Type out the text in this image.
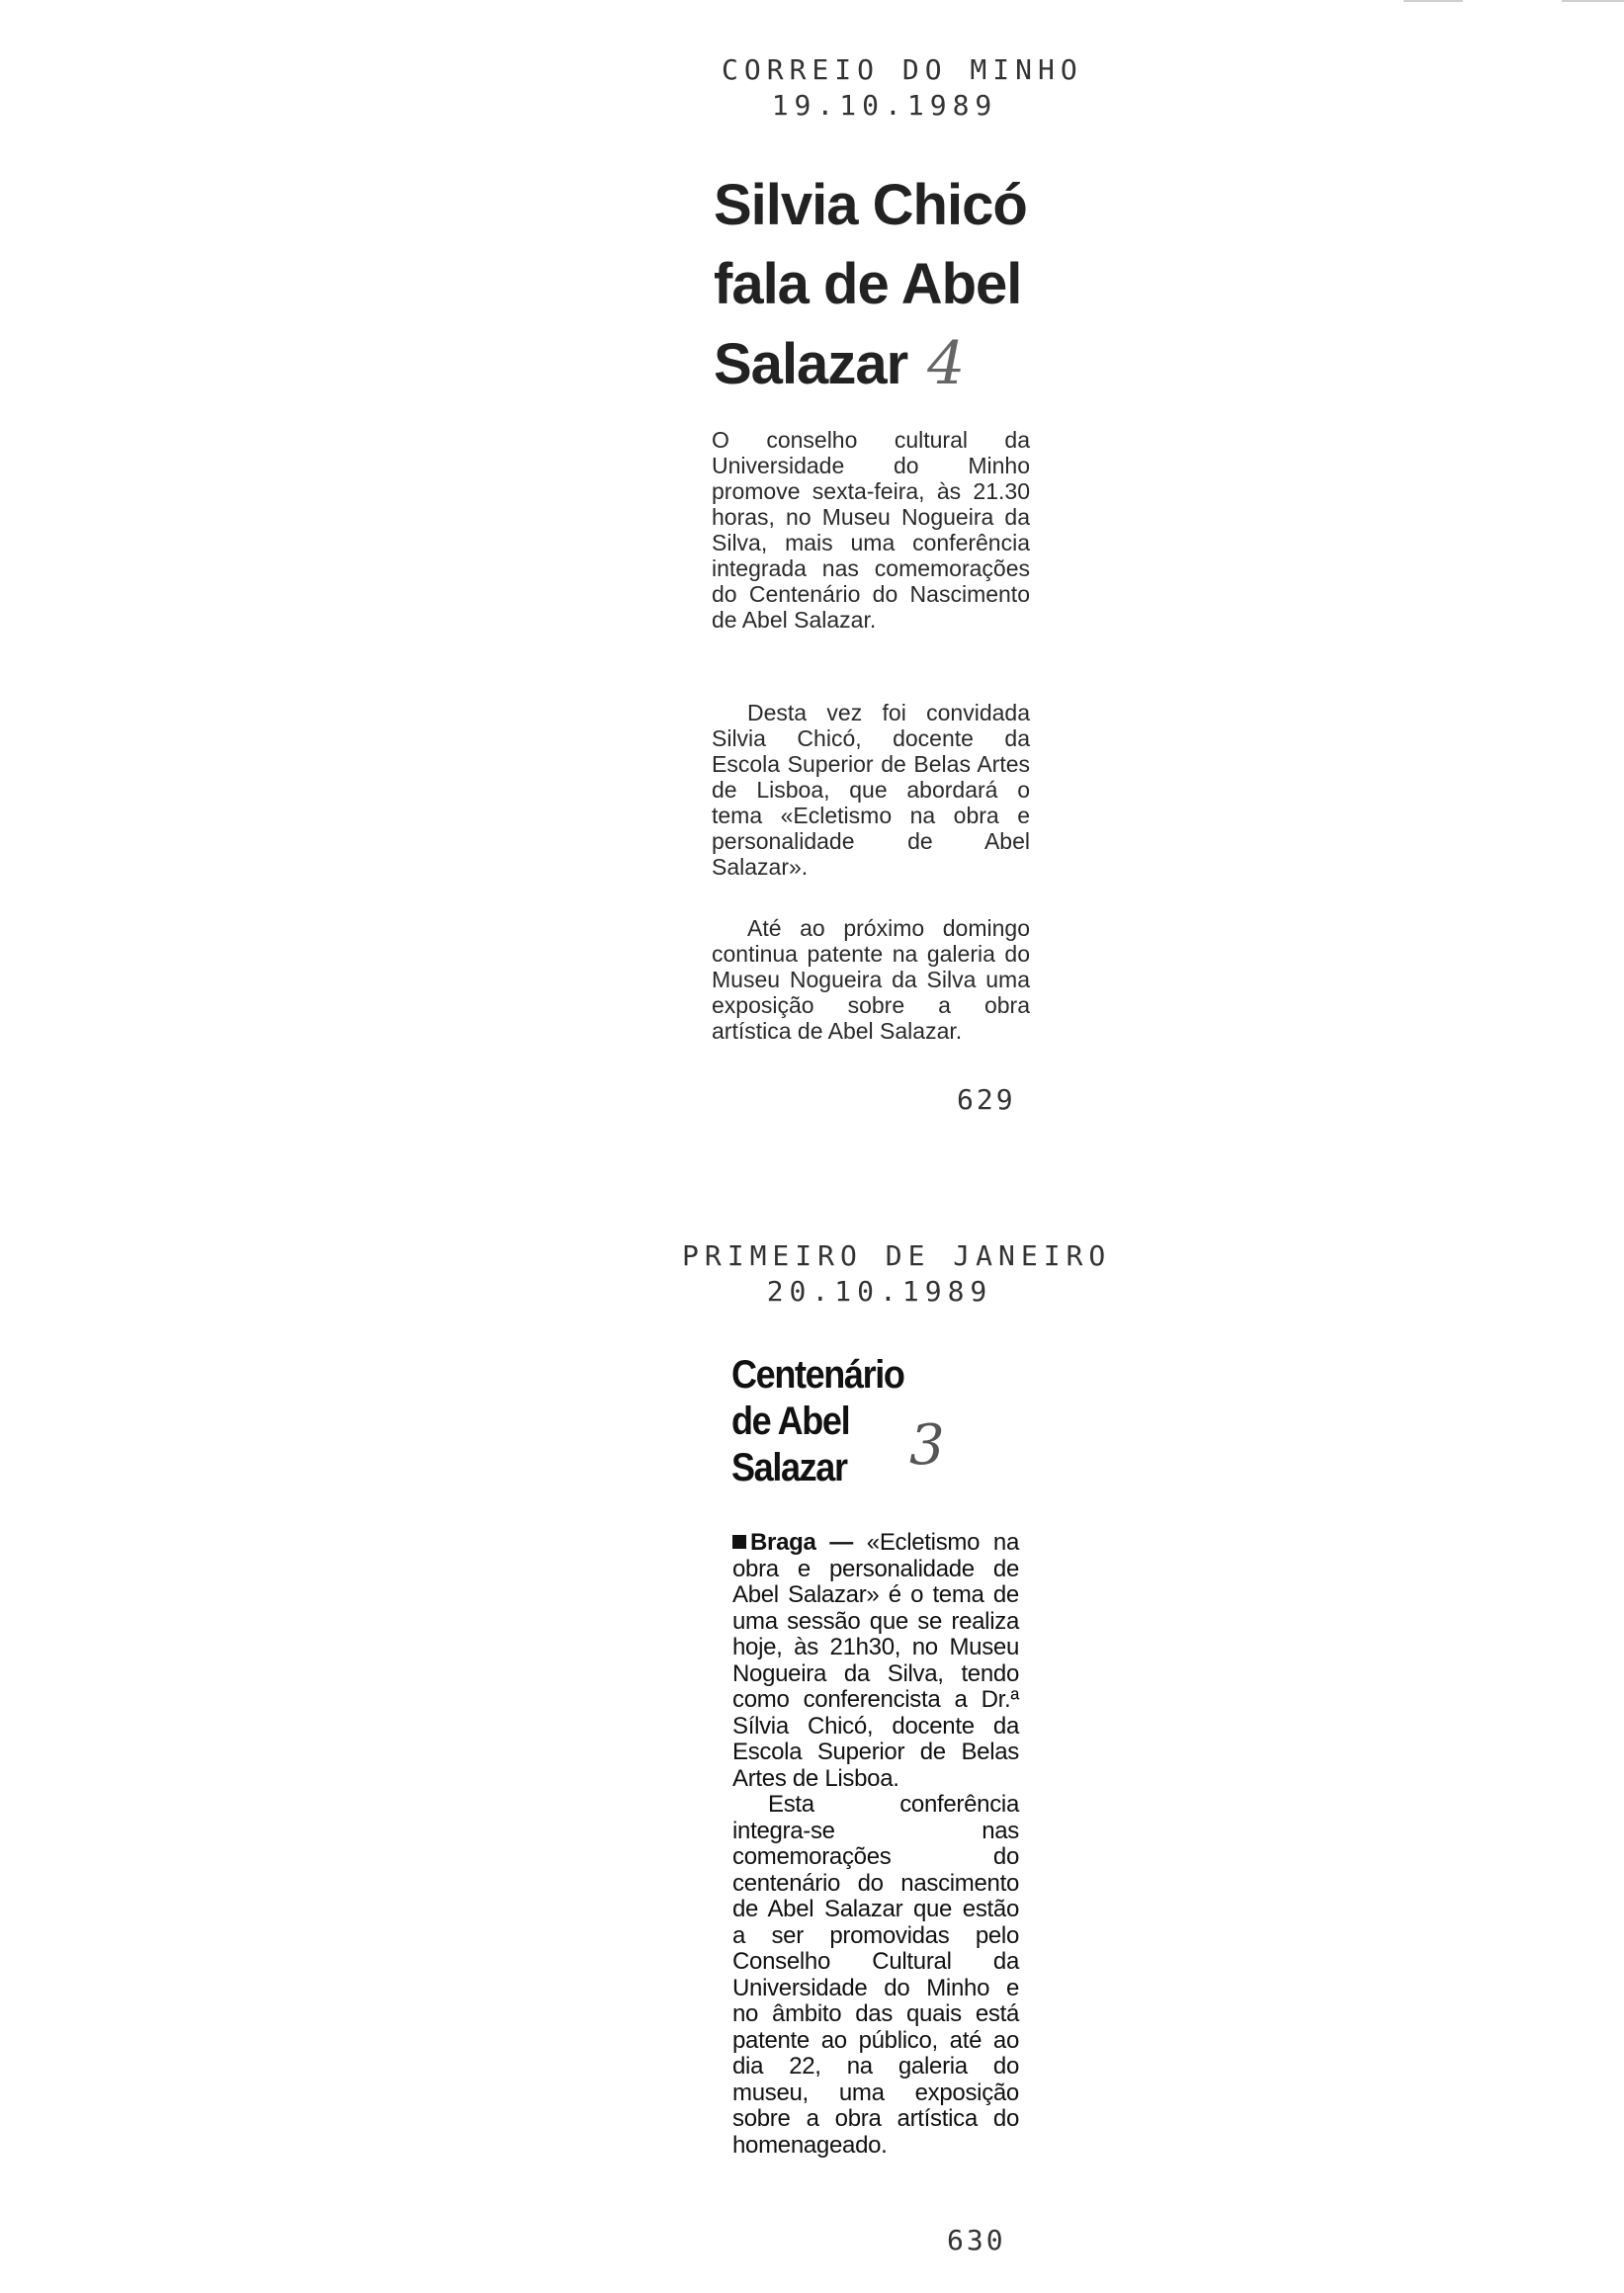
CORREIO DO MINHO
19.10.1989
Silvia Chicó
fala de Abel
Salazar 4

O conselho cultural da Universidade do Minho promove sexta-feira, às 21.30 horas, no Museu Nogueira da Silva, mais uma conferência integrada nas comemorações do Centenário do Nascimento de Abel Salazar.

Desta vez foi convidada Silvia Chicó, docente da Escola Superior de Belas Artes de Lisboa, que abordará o tema «Ecletismo na obra e personalidade de Abel Salazar».

Até ao próximo domingo continua patente na galeria do Museu Nogueira da Silva uma exposição sobre a obra artística de Abel Salazar.

629
PRIMEIRO DE JANEIRO
20.10.1989
Centenário
de Abel
Salazar	3

Braga — «Ecletismo na obra e personalidade de Abel Salazar» é o tema de uma sessão que se realiza hoje, às 21h30, no Museu Nogueira da Silva, tendo como conferencista a Dr.ª Sílvia Chicó, docente da Escola Superior de Belas Artes de Lisboa.
Esta conferência integra-se nas comemorações do centenário do nascimento de Abel Salazar que estão a ser promovidas pelo Conselho Cultural da Universidade do Minho e no âmbito das quais está patente ao público, até ao dia 22, na galeria do museu, uma exposição sobre a obra artística do homenageado.

630
